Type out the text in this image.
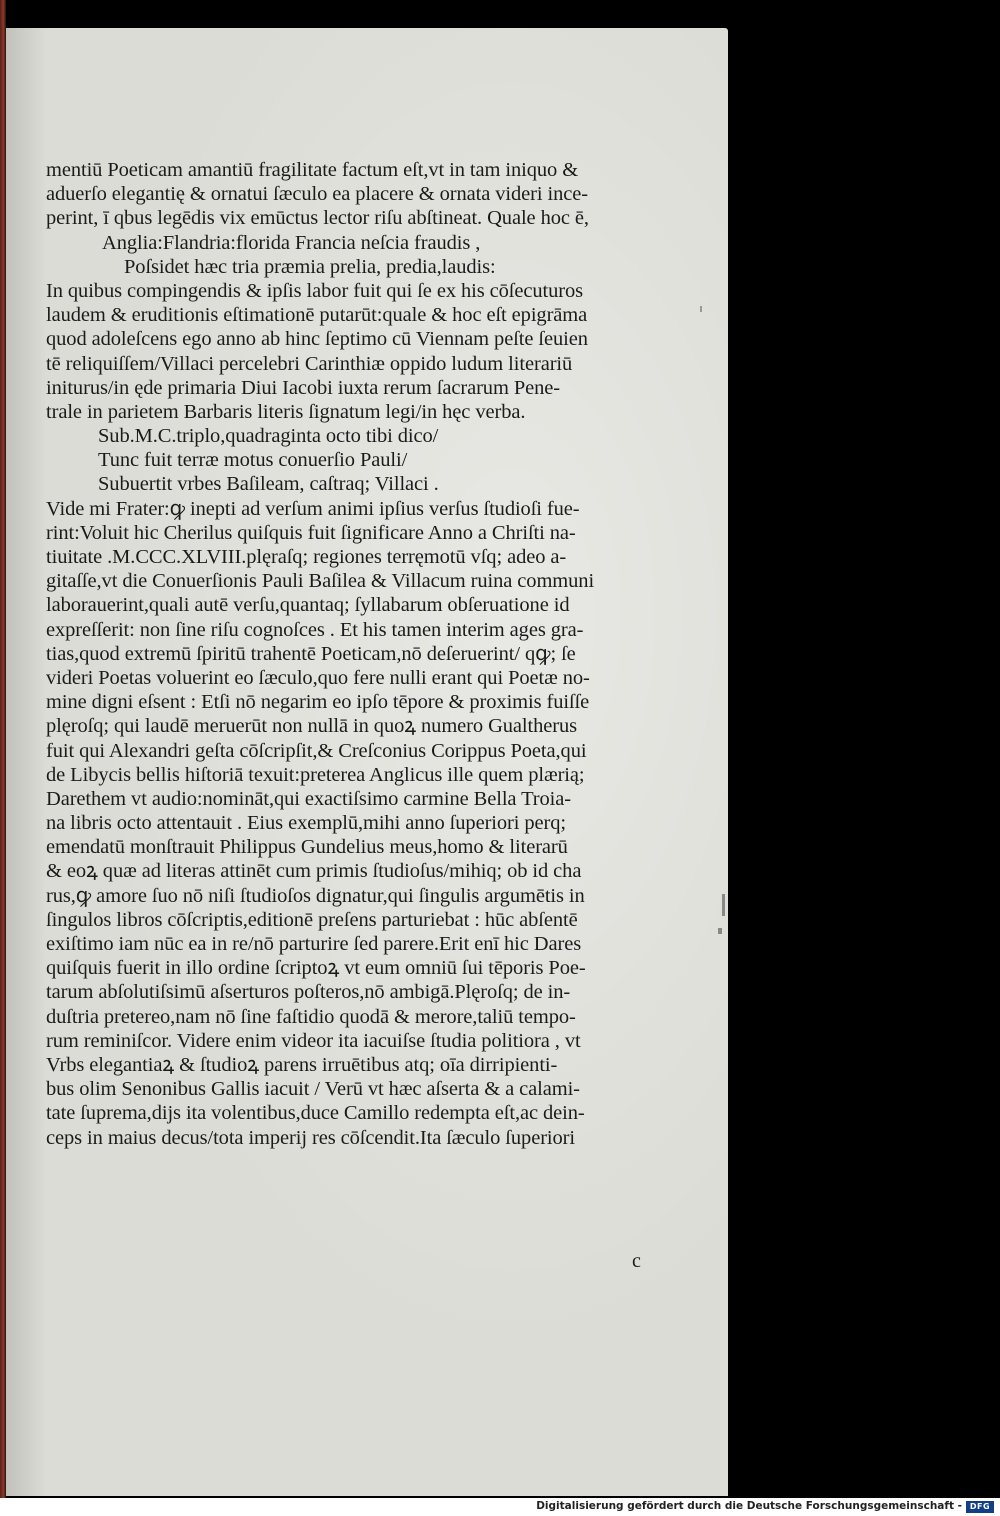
mentiū Poeticam amantiū fragilitate factum eſt,vt in tam iniquo &
aduerſo elegantię & ornatui ſæculo ea placere & ornata videri ince-
perint, ī qbus legēdis vix emūctus lector riſu abſtineat. Quale hoc ē,
Anglia:Flandria:florida Francia neſcia fraudis ,
Poſsidet hæc tria præmia prelia, predia,laudis:
In quibus compingendis & ipſis labor fuit qui ſe ex his cōſecuturos
laudem & eruditionis eſtimationē putarūt:quale & hoc eſt epigrāma
quod adoleſcens ego anno ab hinc ſeptimo cū Viennam peſte ſeuien
tē reliquiſſem/Villaci percelebri Carinthiæ oppido ludum literariū
initurus/in ęde primaria Diui Iacobi iuxta rerum ſacrarum Pene-
trale in parietem Barbaris literis ſignatum legi/in hęc verba.
Sub.M.C.triplo,quadraginta octo tibi dico/
Tunc fuit terræ motus conuerſio Pauli/
Subuertit vrbes Baſileam, caſtraq; Villaci .
Vide mi Frater:ꝙ inepti ad verſum animi ipſius verſus ſtudioſi fue-
rint:Voluit hic Cherilus quiſquis fuit ſignificare Anno a Chriſti na-
tiuitate .M.CCC.XLVIII.plęraſq; regiones terręmotū vſq; adeo a-
gitaſſe,vt die Conuerſionis Pauli Baſilea & Villacum ruina communi
laborauerint,quali autē verſu,quantaq; ſyllabarum obſeruatione id
expreſſerit: non ſine riſu cognoſces . Et his tamen interim ages gra-
tias,quod extremū ſpiritū trahentē Poeticam,nō deſeruerint/ qꝙ; ſe
videri Poetas voluerint eo ſæculo,quo fere nulli erant qui Poetæ no-
mine digni eſsent : Etſi nō negarim eo ipſo tēpore & proximis fuiſſe
plęroſq; qui laudē meruerūt non nullā in quoꝝ numero Gualtherus
fuit qui Alexandri geſta cōſcripſit,& Creſconius Corippus Poeta,qui
de Libycis bellis hiſtoriā texuit:preterea Anglicus ille quem plærią;
Darethem vt audio:nomināt,qui exactiſsimo carmine Bella Troia-
na libris octo attentauit . Eius exemplū,mihi anno ſuperiori perq;
emendatū monſtrauit Philippus Gundelius meus,homo & literarū
& eoꝝ quæ ad literas attinēt cum primis ſtudioſus/mihiq; ob id cha
rus,ꝙ amore ſuo nō niſi ſtudioſos dignatur,qui ſingulis argumētis in
ſingulos libros cōſcriptis,editionē preſens parturiebat : hūc abſentē
exiſtimo iam nūc ea in re/nō parturire ſed parere.Erit enī hic Dares
quiſquis fuerit in illo ordine ſcriptoꝝ vt eum omniū ſui tēporis Poe-
tarum abſolutiſsimū aſserturos poſteros,nō ambigā.Plęroſq; de in-
duſtria pretereo,nam nō ſine faſtidio quodā & merore,taliū tempo-
rum reminiſcor. Videre enim videor ita iacuiſse ſtudia politiora , vt
Vrbs elegantiaꝝ & ſtudioꝝ parens irruētibus atq; oīa dirripienti-
bus olim Senonibus Gallis iacuit / Verū vt hæc aſserta & a calami-
tate ſuprema,dijs ita volentibus,duce Camillo redempta eſt,ac dein-
ceps in maius decus/tota imperij res cōſcendit.Ita ſæculo ſuperiori
c
Digitalisierung gefördert durch die Deutsche Forschungsgemeinschaft - DFG
